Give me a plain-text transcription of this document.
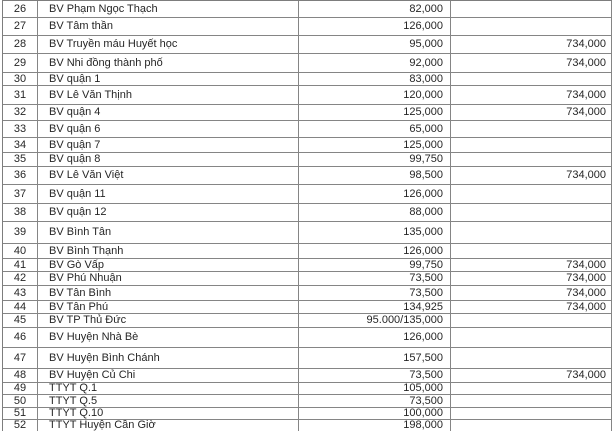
26	BV Phạm Ngọc Thạch	82,000
27	BV Tâm thần	126,000
28	BV Truyền máu Huyết học	95,000	734,000
29	BV Nhi đồng thành phố	92,000	734,000
30	BV quận 1	83,000
31	BV Lê Văn Thịnh	120,000	734,000
32	BV quận 4	125,000	734,000
33	BV quận 6	65,000
34	BV quận 7	125,000
35	BV quận 8	99,750
36	BV Lê Văn Việt	98,500	734,000
37	BV quận 11	126,000
38	BV quận 12	88,000
39	BV Bình Tân	135,000
40	BV Bình Thạnh	126,000
41	BV Gò Vấp	99,750	734,000
42	BV Phú Nhuận	73,500	734,000
43	BV Tân Bình	73,500	734,000
44	BV Tân Phú	134,925	734,000
45	BV TP Thủ Đức	95.000/135,000
46	BV Huyện Nhà Bè	126,000
47	BV Huyện Bình Chánh	157,500
48	BV Huyện Củ Chi	73,500	734,000
49	TTYT Q.1	105,000
50	TTYT Q.5	73,500
51	TTYT Q.10	100,000
52	TTYT Huyện Cần Giờ	198,000
